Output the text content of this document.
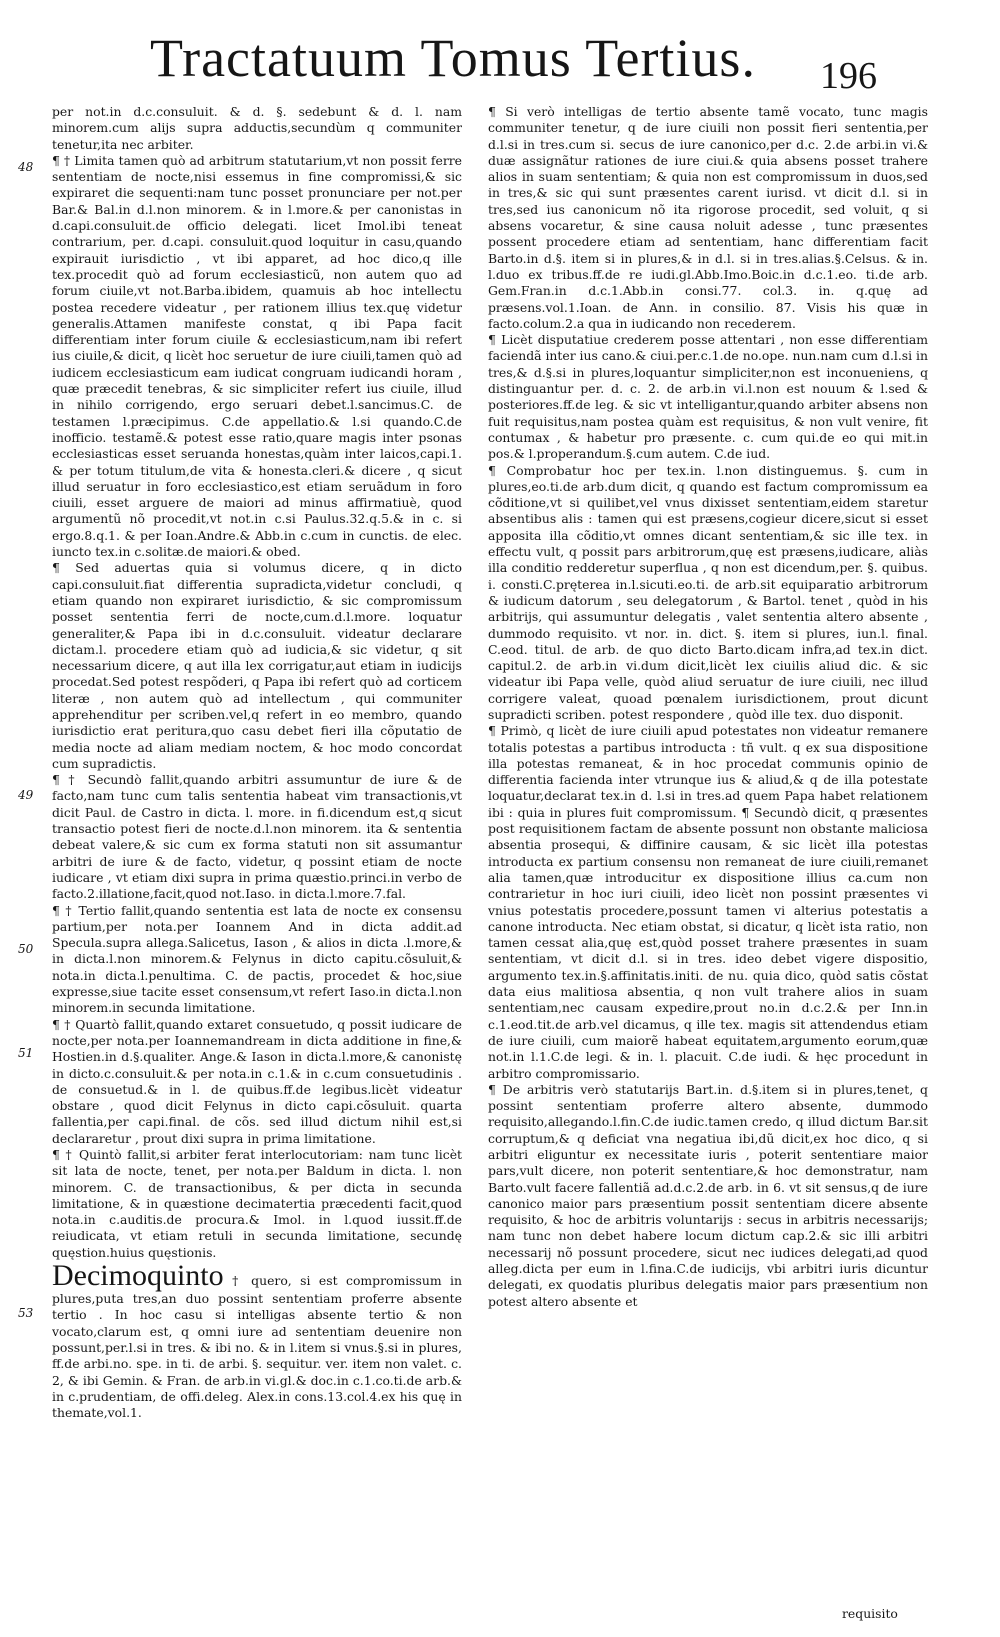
Tractatuum Tomus Tertius. 196

per not.in d.c.consuluit. & d. §. sedebunt & d. l. nam minorem.cum alijs supra adductis,secundùm q communiter tenetur,ita nec arbiter.

¶ † Limita tamen quò ad arbitrum statutarium,vt non possit ferre sententiam de nocte,nisi essemus in fine compromissi,& sic expiraret die sequenti:nam tunc posset pronunciare per not.per Bar.& Bal.in d.l.non minorem. & in l.more.& per canonistas in d.capi.consuluit.de officio delegati. licet Imol.ibi teneat contrarium, per. d.capi. consuluit.quod loquitur in casu,quando expirauit iurisdictio , vt ibi apparet, ad hoc dico,q ille tex.procedit quò ad forum ecclesiasticũ, non autem quo ad forum ciuile,vt not.Barba.ibidem, quamuis ab hoc intellectu postea recedere videatur , per rationem illius tex.quę videtur generalis.Attamen manifeste constat, q ibi Papa facit differentiam inter forum ciuile & ecclesiasticum,nam ibi refert ius ciuile,& dicit, q licèt hoc seruetur de iure ciuili,tamen quò ad iudicem ecclesiasticum eam iudicat congruam iudicandi horam , quæ præcedit tenebras, & sic simpliciter refert ius ciuile, illud in nihilo corrigendo, ergo seruari debet.l.sancimus.C. de testamen l.præcipimus. C.de appellatio.& l.si quando.C.de inofficio. testamẽ.& potest esse ratio,quare magis inter psonas ecclesiasticas esset seruanda honestas,quàm inter laicos,capi.1. & per totum titulum,de vita & honesta.cleri.& dicere , q sicut illud seruatur in foro ecclesiastico,est etiam seruãdum in foro ciuili, esset arguere de maiori ad minus affirmatiuè, quod argumentũ nõ procedit,vt not.in c.si Paulus.32.q.5.& in c. si ergo.8.q.1. & per Ioan.Andre.& Abb.in c.cum in cunctis. de elec. iuncto tex.in c.solitæ.de maiori.& obed.

¶ Sed aduertas quia si volumus dicere, q in dicto capi.consuluit.fiat differentia supradicta,videtur concludi, q etiam quando non expiraret iurisdictio, & sic compromissum posset sententia ferri de nocte,cum.d.l.more. loquatur generaliter,& Papa ibi in d.c.consuluit. videatur declarare dictam.l. procedere etiam quò ad iudicia,& sic videtur, q sit necessarium dicere, q aut illa lex corrigatur,aut etiam in iudicijs procedat.Sed potest respõderi, q Papa ibi refert quò ad corticem literæ , non autem quò ad intellectum , qui communiter apprehenditur per scriben.vel,q refert in eo membro, quando iurisdictio erat peritura,quo casu debet fieri illa cõputatio de media nocte ad aliam mediam noctem, & hoc modo concordat cum supradictis.

¶ † Secundò fallit,quando arbitri assumuntur de iure & de facto,nam tunc cum talis sententia habeat vim transactionis,vt dicit Paul. de Castro in dicta. l. more. in fi.dicendum est,q sicut transactio potest fieri de nocte.d.l.non minorem. ita & sententia debeat valere,& sic cum ex forma statuti non sit assumantur arbitri de iure & de facto, videtur, q possint etiam de nocte iudicare , vt etiam dixi supra in prima quæstio.princi.in verbo de facto.2.illatione,facit,quod not.Iaso. in dicta.l.more.7.fal.

¶ † Tertio fallit,quando sententia est lata de nocte ex consensu partium,per nota.per Ioannem And in dicta addit.ad Specula.supra allega.Salicetus, Iason , & alios in dicta .l.more,& in dicta.l.non minorem.& Felynus in dicto capitu.cõsuluit,& nota.in dicta.l.penultima. C. de pactis, procedet & hoc,siue expresse,siue tacite esset consensum,vt refert Iaso.in dicta.l.non minorem.in secunda limitatione.

¶ † Quartò fallit,quando extaret consuetudo, q possit iudicare de nocte,per nota.per Ioannemandream in dicta additione in fine,& Hostien.in d.§.qualiter. Ange.& Iason in dicta.l.more,& canonistę in dicto.c.consuluit.& per nota.in c.1.& in c.cum consuetudinis . de consuetud.& in l. de quibus.ff.de legibus.licèt videatur obstare , quod dicit Felynus in dicto capi.cõsuluit. quarta fallentia,per capi.final. de cõs. sed illud dictum nihil est,si declararetur , prout dixi supra in prima limitatione.

¶ † Quintò fallit,si arbiter ferat interlocutoriam: nam tunc licèt sit lata de nocte, tenet, per nota.per Baldum in dicta. l. non minorem. C. de transactionibus, & per dicta in secunda limitatione, & in quæstione decimatertia præcedenti facit,quod nota.in c.auditis.de procura.& Imol. in l.quod iussit.ff.de reiudicata, vt etiam retuli in secunda limitatione, secundę quęstion.huius quęstionis.

Decimoquinto † quero, si est compromissum in plures,puta tres,an duo possint sententiam proferre absente tertio . In hoc casu si intelligas absente tertio & non vocato,clarum est, q omni iure ad sententiam deuenire non possunt,per.l.si in tres. & ibi no. & in l.item si vnus.§.si in plures, ff.de arbi.no. spe. in ti. de arbi. §. sequitur. ver. item non valet. c. 2, & ibi Gemin. & Fran. de arb.in vi.gl.& doc.in c.1.co.ti.de arb.& in c.prudentiam, de offi.deleg. Alex.in cons.13.col.4.ex his quę in themate,vol.1.

48
49
50
51
53

¶ Si verò intelligas de tertio absente tamẽ vocato, tunc magis communiter tenetur, q de iure ciuili non possit fieri sententia,per d.l.si in tres.cum si. secus de iure canonico,per d.c. 2.de arbi.in vi.& duæ assignãtur rationes de iure ciui.& quia absens posset trahere alios in suam sententiam; & quia non est compromissum in duos,sed in tres,& sic qui sunt præsentes carent iurisd. vt dicit d.l. si in tres,sed ius canonicum nõ ita rigorose procedit, sed voluit, q si absens vocaretur, & sine causa noluit adesse , tunc præsentes possent procedere etiam ad sententiam, hanc differentiam facit Barto.in d.§. item si in plures,& in d.l. si in tres.alias.§.Celsus. & in. l.duo ex tribus.ff.de re iudi.gl.Abb.Imo.Boic.in d.c.1.eo. ti.de arb. Gem.Fran.in d.c.1.Abb.in consi.77. col.3. in. q.quę ad præsens.vol.1.Ioan. de Ann. in consilio. 87. Visis his quæ in facto.colum.2.a qua in iudicando non recederem.

¶ Licèt disputatiue crederem posse attentari , non esse differentiam faciendã inter ius cano.& ciui.per.c.1.de no.ope. nun.nam cum d.l.si in tres,& d.§.si in plures,loquantur simpliciter,non est inconueniens, q distinguantur per. d. c. 2. de arb.in vi.l.non est nouum & l.sed & posteriores.ff.de leg. & sic vt intelligantur,quando arbiter absens non fuit requisitus,nam postea quàm est requisitus, & non vult venire, fit contumax , & habetur pro præsente. c. cum qui.de eo qui mit.in pos.& l.properandum.§.cum autem. C.de iud.

¶ Comprobatur hoc per tex.in. l.non distinguemus. §. cum in plures,eo.ti.de arb.dum dicit, q quando est factum compromissum ea cõditione,vt si quilibet,vel vnus dixisset sententiam,eidem staretur absentibus alis : tamen qui est præsens,cogieur dicere,sicut si esset apposita illa cõditio,vt omnes dicant sententiam,& sic ille tex. in effectu vult, q possit pars arbitrorum,quę est præsens,iudicare, aliàs illa conditio redderetur superflua , q non est dicendum,per. §. quibus. i. consti.C.pręterea in.l.sicuti.eo.ti. de arb.sit equiparatio arbitrorum & iudicum datorum , seu delegatorum , & Bartol. tenet , quòd in his arbitrijs, qui assumuntur delegatis , valet sententia altero absente , dummodo requisito. vt nor. in. dict. §. item si plures, iun.l. final. C.eod. titul. de arb. de quo dicto Barto.dicam infra,ad tex.in dict. capitul.2. de arb.in vi.dum dicit,licèt lex ciuilis aliud dic. & sic videatur ibi Papa velle, quòd aliud seruatur de iure ciuili, nec illud corrigere valeat, quoad pœnalem iurisdictionem, prout dicunt supradicti scriben. potest respondere , quòd ille tex. duo disponit.

¶ Primò, q licèt de iure ciuili apud potestates non videatur remanere totalis potestas a partibus introducta : tñ vult. q ex sua dispositione illa potestas remaneat, & in hoc procedat communis opinio de differentia facienda inter vtrunque ius & aliud,& q de illa potestate loquatur,declarat tex.in d. l.si in tres.ad quem Papa habet relationem ibi : quia in plures fuit compromissum. ¶ Secundò dicit, q præsentes post requisitionem factam de absente possunt non obstante maliciosa absentia prosequi, & diffinire causam, & sic licèt illa potestas introducta ex partium consensu non remaneat de iure ciuili,remanet alia tamen,quæ introducitur ex dispositione illius ca.cum non contrarietur in hoc iuri ciuili, ideo licèt non possint præsentes vi vnius potestatis procedere,possunt tamen vi alterius potestatis a canone introducta. Nec etiam obstat, si dicatur, q licèt ista ratio, non tamen cessat alia,quę est,quòd posset trahere præsentes in suam sententiam, vt dicit d.l. si in tres. ideo debet vigere dispositio, argumento tex.in.§.affinitatis.initi. de nu. quia dico, quòd satis cõstat data eius malitiosa absentia, q non vult trahere alios in suam sententiam,nec causam expedire,prout no.in d.c.2.& per Inn.in c.1.eod.tit.de arb.vel dicamus, q ille tex. magis sit attendendus etiam de iure ciuili, cum maiorẽ habeat equitatem,argumento eorum,quæ not.in l.1.C.de legi. & in. l. placuit. C.de iudi. & hęc procedunt in arbitro compromissario.

¶ De arbitris verò statutarijs Bart.in. d.§.item si in plures,tenet, q possint sententiam proferre altero absente, dummodo requisito,allegando.l.fin.C.de iudic.tamen credo, q illud dictum Bar.sit corruptum,& q deficiat vna negatiua ibi,dũ dicit,ex hoc dico, q si arbitri eliguntur ex necessitate iuris , poterit sententiare maior pars,vult dicere, non poterit sententiare,& hoc demonstratur, nam Barto.vult facere fallentiã ad.d.c.2.de arb. in 6. vt sit sensus,q de iure canonico maior pars præsentium possit sententiam dicere absente requisito, & hoc de arbitris voluntarijs : secus in arbitris necessarijs; nam tunc non debet habere locum dictum cap.2.& sic illi arbitri necessarij nõ possunt procedere, sicut nec iudices delegati,ad quod alleg.dicta per eum in l.fina.C.de iudicijs, vbi arbitri iuris dicuntur delegati, ex quodatis pluribus delegatis maior pars præsentium non potest altero absente et

requisito
